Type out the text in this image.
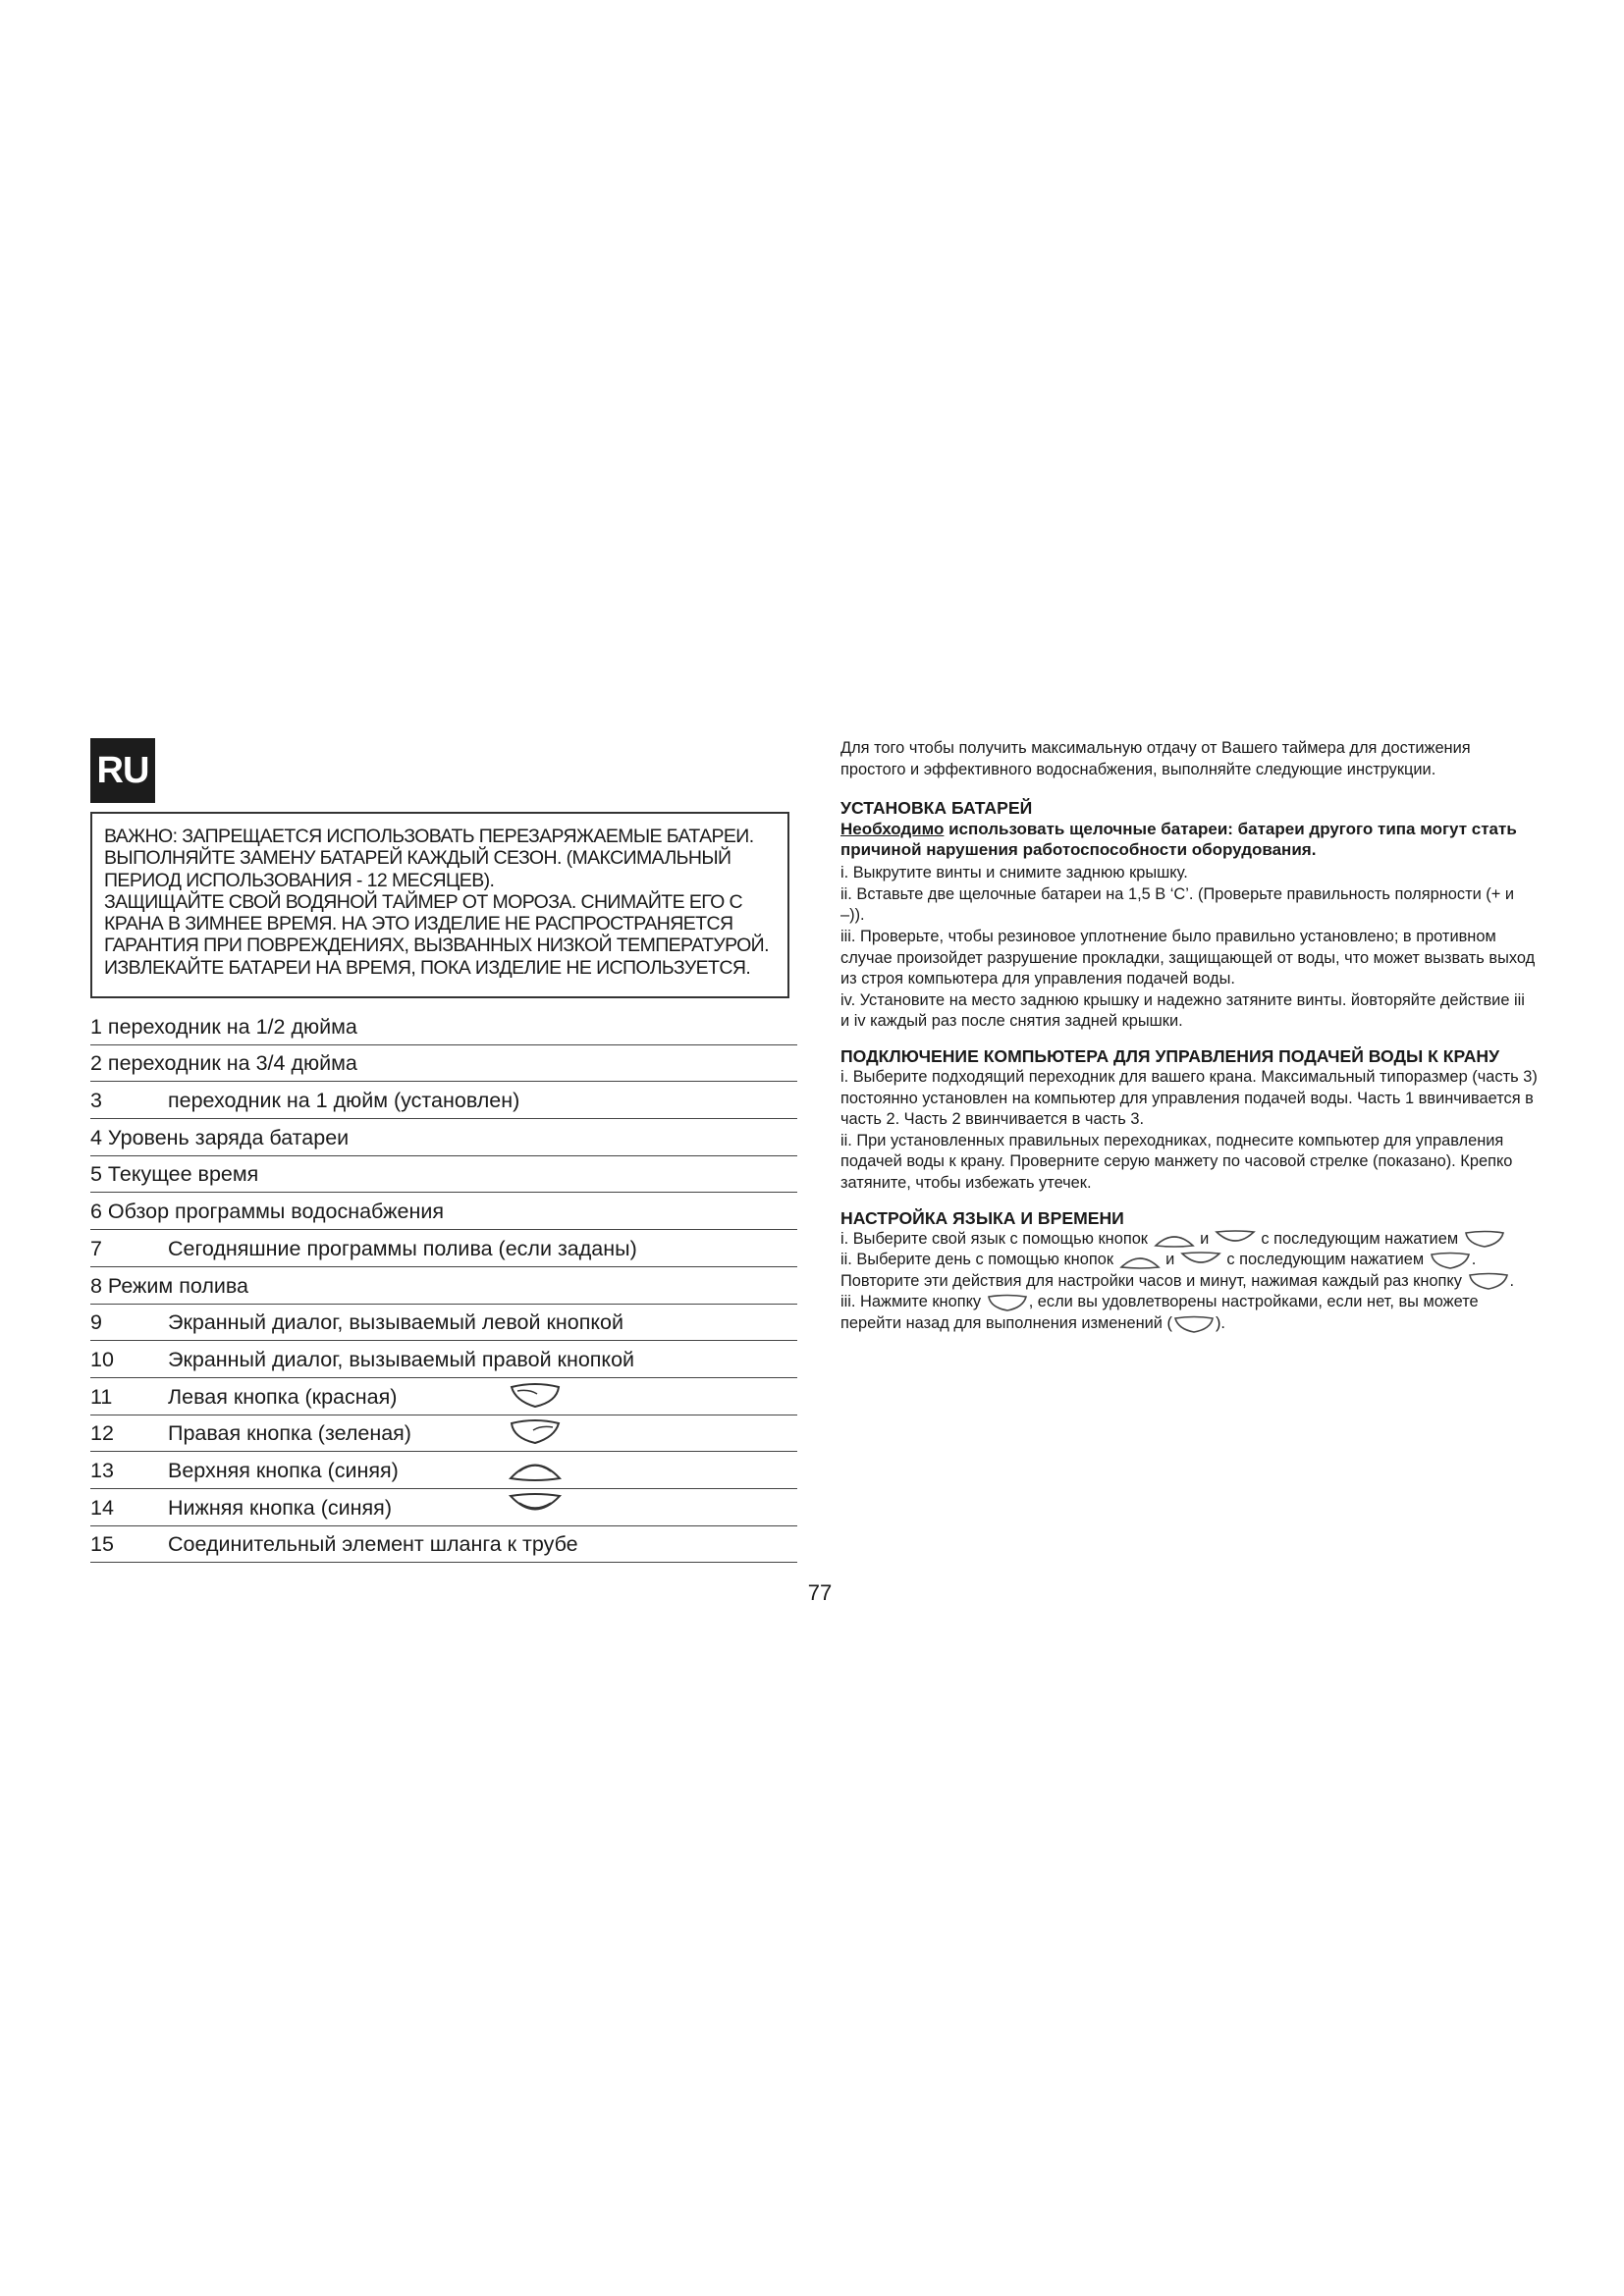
RU
ВАЖНО: ЗАПРЕЩАЕТСЯ ИСПОЛЬЗОВАТЬ ПЕРЕЗАРЯЖАЕМЫЕ БАТАРЕИ.
ВЫПОЛНЯЙТЕ ЗАМЕНУ БАТАРЕЙ КАЖДЫЙ СЕЗОН. (МАКСИМАЛЬНЫЙ
ПЕРИОД ИСПОЛЬЗОВАНИЯ - 12 МЕСЯЦЕВ).
ЗАЩИЩАЙТЕ СВОЙ ВОДЯНОЙ ТАЙМЕР ОТ МОРОЗА. СНИМАЙТЕ ЕГО С
КРАНА В ЗИМНЕЕ ВРЕМЯ. НА ЭТО ИЗДЕЛИЕ НЕ РАСПРОСТРАНЯЕТСЯ
ГАРАНТИЯ ПРИ ПОВРЕЖДЕНИЯХ, ВЫЗВАННЫХ НИЗКОЙ ТЕМПЕРАТУРОЙ.
ИЗВЛЕКАЙТЕ БАТАРЕИ НА ВРЕМЯ, ПОКА ИЗДЕЛИЕ НЕ ИСПОЛЬЗУЕТСЯ.
1 переходник на 1/2 дюйма
2 переходник на 3/4 дюйма
3	переходник на 1 дюйм (установлен)
4 Уровень заряда батареи
5 Текущее время
6 Обзор программы водоснабжения
7	Сегодняшние программы полива (если заданы)
8 Режим полива
9	Экранный диалог, вызываемый левой кнопкой
10	Экранный диалог, вызываемый правой кнопкой
11	Левая кнопка (красная)
12	Правая кнопка (зеленая)
13	Верхняя кнопка (синяя)
14	Нижняя кнопка (синяя)
15	Соединительный элемент шланга к трубе
Для того чтобы получить максимальную отдачу от Вашего таймера для достижения простого и эффективного водоснабжения, выполняйте следующие инструкции.
УСТАНОВКА БАТАРЕЙ
Необходимо использовать щелочные батареи: батареи другого типа могут стать причиной нарушения работоспособности оборудования.
i. Выкрутите винты и снимите заднюю крышку.
ii. Вставьте две щелочные батареи на 1,5 В ‘C’. (Проверьте правильность полярности (+ и –)).
iii. Проверьте, чтобы резиновое уплотнение было правильно установлено; в противном случае произойдет разрушение прокладки, защищающей от воды, что может вызвать выход из строя компьютера для управления подачей воды.
iv. Установите на место заднюю крышку и надежно затяните винты. йовторяйте действие iii и iv каждый раз после снятия задней крышки.
ПОДКЛЮЧЕНИЕ КОМПЬЮТЕРА ДЛЯ УПРАВЛЕНИЯ ПОДАЧЕЙ ВОДЫ К КРАНУ
i. Выберите подходящий переходник для вашего крана. Максимальный типоразмер (часть 3) постоянно установлен на компьютер для управления подачей воды. Часть 1 ввинчивается в часть 2. Часть 2 ввинчивается в часть 3.
ii. При установленных правильных переходниках, поднесите компьютер для управления подачей воды к крану. Проверните серую манжету по часовой стрелке (показано). Крепко затяните, чтобы избежать утечек.
НАСТРОЙКА ЯЗЫКА И ВРЕМЕНИ
i. Выберите свой язык с помощью кнопок	и	с последующим нажатием
ii. Выберите день с помощью кнопок	и	с последующим нажатием	. Повторите эти действия для настройки часов и минут, нажимая каждый раз кнопку	.
iii. Нажмите кнопку	, если вы удовлетворены настройками, если нет, вы можете перейти назад для выполнения изменений (	).
77
